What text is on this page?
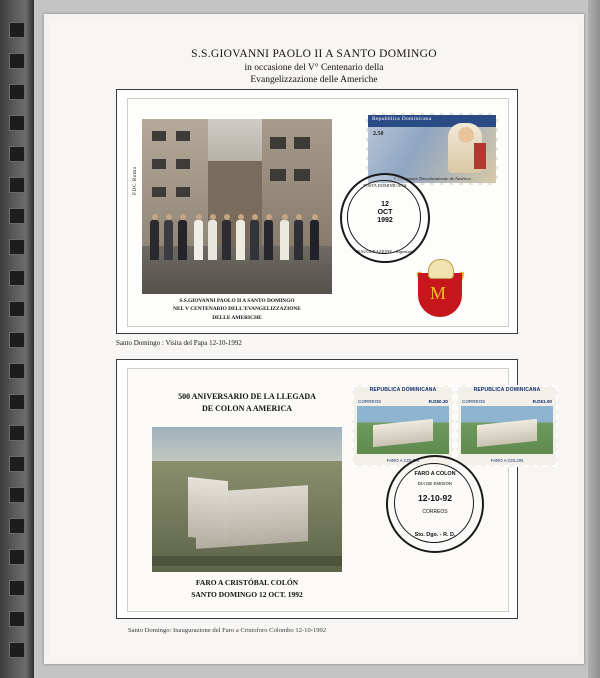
S.S.GIOVANNI PAOLO II A SANTO DOMINGO
in occasione del V° Centenario della
Evangelizzazione delle Americhe
FDC Roma
S.S.GIOVANNI PAOLO II A SANTO DOMINGO
NEL V CENTENARIO DELL'EVANGELIZZAZIONE
DELLE AMERICHE
Repubblica Dominicana
2.50
V Centenario Descubrimiento de América
POSTA DOMINICANA
12
OCT
1992
INAUGURAZIONE - Argentario
M
Santo Domingo : Visita del Papa 12-10-1992
500 ANIVERSARIO DE LA LLEGADA
DE COLON A AMERICA
FARO A CRISTÓBAL COLÓN
SANTO DOMINGO 12 OCT. 1992
REPUBLICA DOMINICANA
CORREOS	R.D$0.30
FARO A COLON
REPUBLICA DOMINICANA
CORREOS	R.D$1.00
FARO A COLON
FARO A COLON
DIA DE EMISION
12-10-92
CORREOS
Sto. Dgo. - R. D.
Santo Domingo: Inaugurazione del Faro a Cristoforo Colombo 12-10-1992
